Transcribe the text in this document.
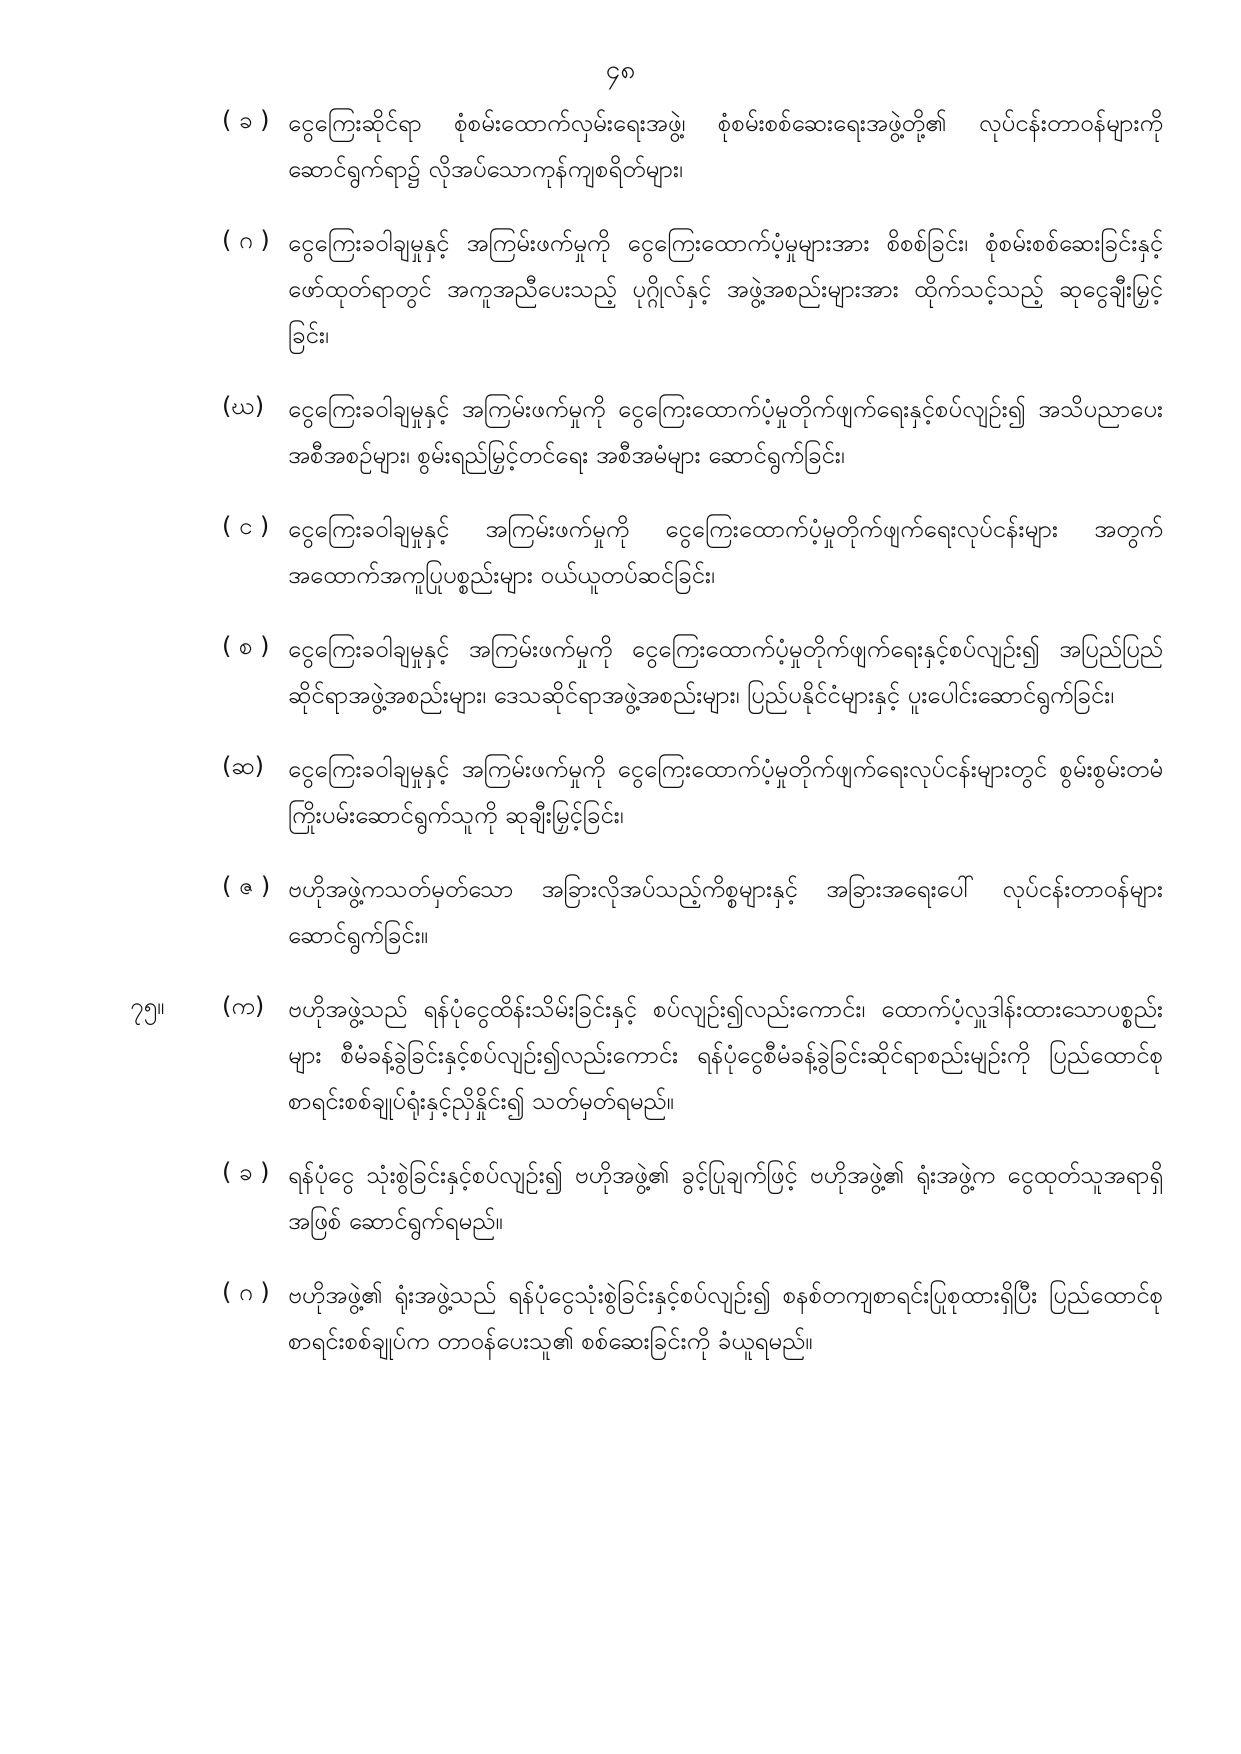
၄၈
( ခ ) ငွေကြေးဆိုင်ရာ စုံစမ်းထောက်လှမ်းရေးအဖွဲ့၊ စုံစမ်းစစ်ဆေးရေးအဖွဲ့တို့၏ လုပ်ငန်းတာဝန်များကို ဆောင်ရွက်ရာ၌ လိုအပ်သောကုန်ကျစရိတ်များ၊
( ဂ ) ငွေကြေးခဝါချမှုနှင့် အကြမ်းဖက်မှုကို ငွေကြေးထောက်ပံ့မှုများအား စိစစ်ခြင်း၊ စုံစမ်းစစ်ဆေးခြင်းနှင့် ဖော်ထုတ်ရာတွင် အကူအညီပေးသည့် ပုဂ္ဂိုလ်နှင့် အဖွဲ့အစည်းများအား ထိုက်သင့်သည့် ဆုငွေချီးမြှင့်ခြင်း၊
(ဃ) ငွေကြေးခဝါချမှုနှင့် အကြမ်းဖက်မှုကို ငွေကြေးထောက်ပံ့မှုတိုက်ဖျက်ရေးနှင့်စပ်လျဉ်း၍ အသိပညာပေးအစီအစဉ်များ၊ စွမ်းရည်မြှင့်တင်ရေး အစီအမံများ ဆောင်ရွက်ခြင်း၊
( င ) ငွေကြေးခဝါချမှုနှင့် အကြမ်းဖက်မှုကို ငွေကြေးထောက်ပံ့မှုတိုက်ဖျက်ရေးလုပ်ငန်းများ အတွက် အထောက်အကူပြုပစ္စည်းများ ဝယ်ယူတပ်ဆင်ခြင်း၊
( စ ) ငွေကြေးခဝါချမှုနှင့် အကြမ်းဖက်မှုကို ငွေကြေးထောက်ပံ့မှုတိုက်ဖျက်ရေးနှင့်စပ်လျဉ်း၍ အပြည်ပြည်ဆိုင်ရာအဖွဲ့အစည်းများ၊ ဒေသဆိုင်ရာအဖွဲ့အစည်းများ၊ ပြည်ပနိုင်ငံများနှင့် ပူးပေါင်းဆောင်ရွက်ခြင်း၊
(ဆ) ငွေကြေးခဝါချမှုနှင့် အကြမ်းဖက်မှုကို ငွေကြေးထောက်ပံ့မှုတိုက်ဖျက်ရေးလုပ်ငန်းများတွင် စွမ်းစွမ်းတမံ ကြိုးပမ်းဆောင်ရွက်သူကို ဆုချီးမြှင့်ခြင်း၊
( ဇ ) ဗဟိုအဖွဲ့ကသတ်မှတ်သော အခြားလိုအပ်သည့်ကိစ္စများနှင့် အခြားအရေးပေါ် လုပ်ငန်းတာဝန်များ ဆောင်ရွက်ခြင်း။
၇၅။ (က) ဗဟိုအဖွဲ့သည် ရန်ပုံငွေထိန်းသိမ်းခြင်းနှင့် စပ်လျဉ်း၍လည်းကောင်း၊ ထောက်ပံ့လှူဒါန်းထားသောပစ္စည်းများ စီမံခန့်ခွဲခြင်းနှင့်စပ်လျဉ်း၍လည်းကောင်း ရန်ပုံငွေစီမံခန့်ခွဲခြင်းဆိုင်ရာစည်းမျဉ်းကို ပြည်ထောင်စုစာရင်းစစ်ချုပ်ရုံးနှင့်ညှိနှိုင်း၍ သတ်မှတ်ရမည်။
( ခ ) ရန်ပုံငွေ သုံးစွဲခြင်းနှင့်စပ်လျဉ်း၍ ဗဟိုအဖွဲ့၏ ခွင့်ပြုချက်ဖြင့် ဗဟိုအဖွဲ့၏ ရုံးအဖွဲ့က ငွေထုတ်သူအရာရှိအဖြစ် ဆောင်ရွက်ရမည်။
( ဂ ) ဗဟိုအဖွဲ့၏ ရုံးအဖွဲ့သည် ရန်ပုံငွေသုံးစွဲခြင်းနှင့်စပ်လျဉ်း၍ စနစ်တကျစာရင်းပြုစုထားရှိပြီး ပြည်ထောင်စုစာရင်းစစ်ချုပ်က တာဝန်ပေးသူ၏ စစ်ဆေးခြင်းကို ခံယူရမည်။
